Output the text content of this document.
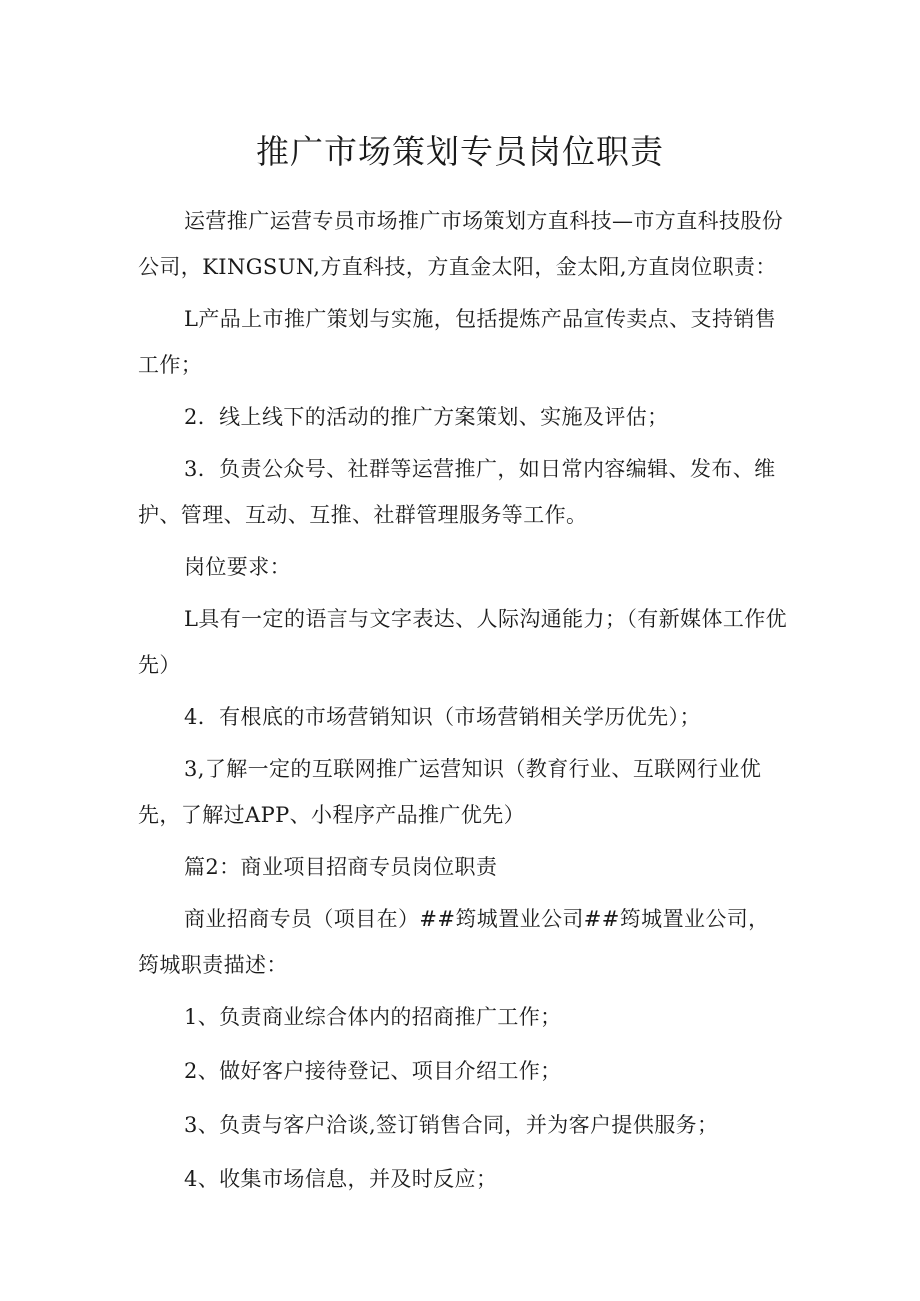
推广市场策划专员岗位职责

运营推广运营专员市场推广市场策划方直科技—市方直科技股份公司，KINGSUN,方直科技，方直金太阳，金太阳,方直岗位职责：

L产品上市推广策划与实施，包括提炼产品宣传卖点、支持销售工作；

2．线上线下的活动的推广方案策划、实施及评估；

3．负责公众号、社群等运营推广，如日常内容编辑、发布、维护、管理、互动、互推、社群管理服务等工作。

岗位要求：

L具有一定的语言与文字表达、人际沟通能力；（有新媒体工作优先）

4．有根底的市场营销知识（市场营销相关学历优先）；

3,了解一定的互联网推广运营知识（教育行业、互联网行业优先，了解过APP、小程序产品推广优先）

篇2：商业项目招商专员岗位职责

商业招商专员（项目在）##筠城置业公司##筠城置业公司，筠城职责描述：

1、负责商业综合体内的招商推广工作；

2、做好客户接待登记、项目介绍工作；

3、负责与客户洽谈,签订销售合同，并为客户提供服务；

4、收集市场信息，并及时反应；
